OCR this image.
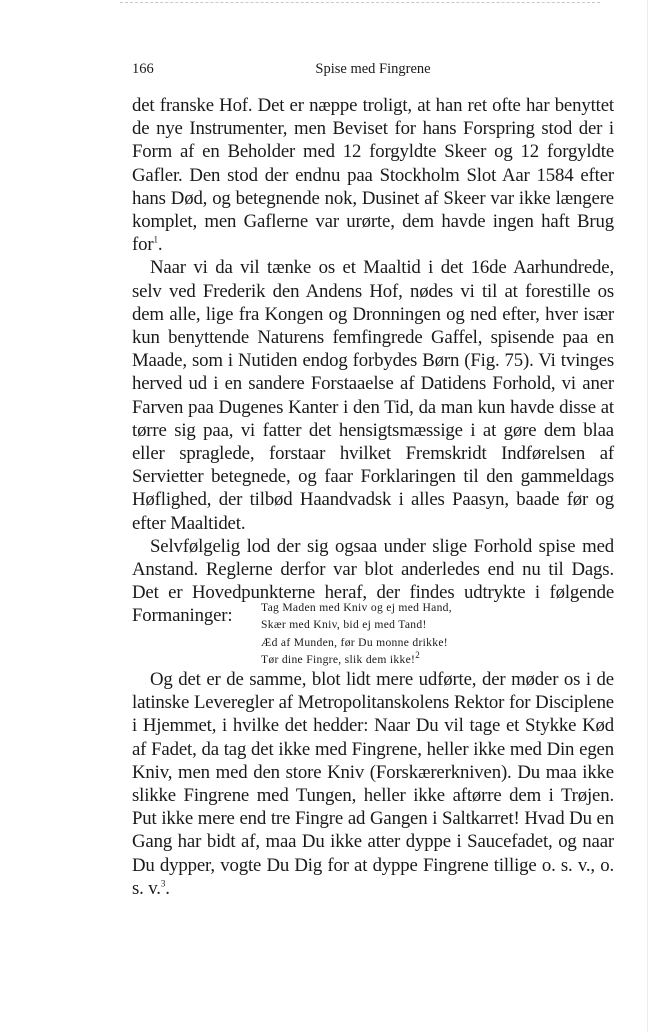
166	Spise med Fingrene

det franske Hof. Det er næppe troligt, at han ret ofte har benyttet de nye Instrumenter, men Beviset for hans Forspring stod der i Form af en Beholder med 12 forgyldte Skeer og 12 forgyldte Gafler. Den stod der endnu paa Stockholm Slot Aar 1584 efter hans Død, og betegnende nok, Dusinet af Skeer var ikke længere komplet, men Gaflerne var urørte, dem havde ingen haft Brug for$^1$.

Naar vi da vil tænke os et Maaltid i det 16de Aarhundrede, selv ved Frederik den Andens Hof, nødes vi til at forestille os dem alle, lige fra Kongen og Dronningen og ned efter, hver især kun benyttende Naturens femfingrede Gaffel, spisende paa en Maade, som i Nutiden endog forbydes Børn (Fig. 75). Vi tvinges herved ud i en sandere Forstaaelse af Datidens Forhold, vi aner Farven paa Dugenes Kanter i den Tid, da man kun havde disse at tørre sig paa, vi fatter det hensigtsmæssige i at gøre dem blaa eller spraglede, forstaar hvilket Fremskridt Indførelsen af Servietter betegnede, og faar Forklaringen til den gammeldags Høflighed, der tilbød Haandvadsk i alles Paasyn, baade før og efter Maaltidet.

Selvfølgelig lod der sig ogsaa under slige Forhold spise med Anstand. Reglerne derfor var blot anderledes end nu til Dags. Det er Hovedpunkterne heraf, der findes udtrykte i følgende Formaninger:	Tag Maden med Kniv og ej med Hand,
Skær med Kniv, bid ej med Tand!
Æd af Munden, før Du monne drikke!
Tør dine Fingre, slik dem ikke!$^2$

Og det er de samme, blot lidt mere udførte, der møder os i de latinske Leveregler af Metropolitanskolens Rektor for Disciplene i Hjemmet, i hvilke det hedder: Naar Du vil tage et Stykke Kød af Fadet, da tag det ikke med Fingrene, heller ikke med Din egen Kniv, men med den store Kniv (Forskærerkniven). Du maa ikke slikke Fingrene med Tungen, heller ikke aftørre dem i Trøjen. Put ikke mere end tre Fingre ad Gangen i Saltkarret! Hvad Du en Gang har bidt af, maa Du ikke atter dyppe i Saucefadet, og naar Du dypper, vogte Du Dig for at dyppe Fingrene tillige o. s. v., o. s. v.$^3$.
